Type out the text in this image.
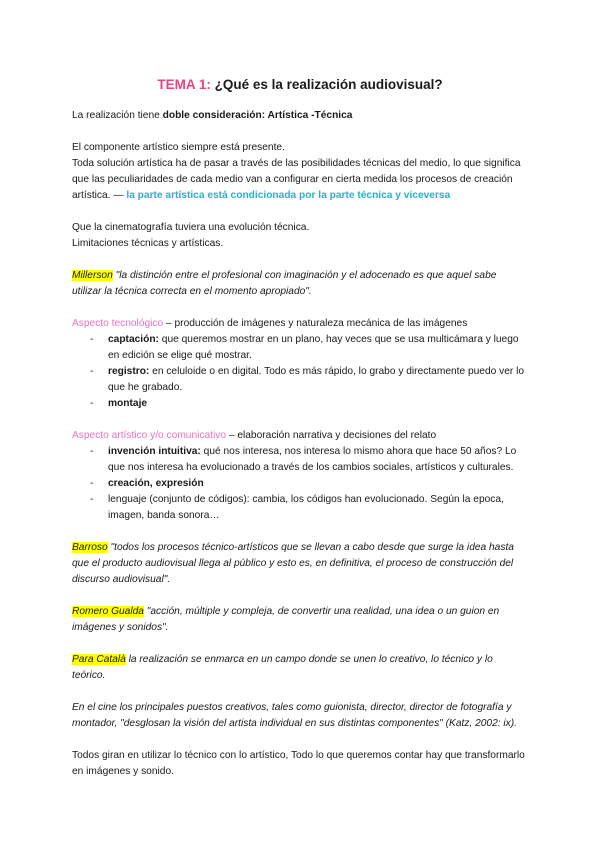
TEMA 1: ¿Qué es la realización audiovisual?

La realización tiene doble consideración: Artística -Técnica

El componente artístico siempre está presente.

Toda solución artística ha de pasar a través de las posibilidades técnicas del medio, lo que significa que las peculiaridades de cada medio van a configurar en cierta medida los procesos de creación artística. — la parte artística está condicionada por la parte técnica y viceversa

Que la cinematografía tuviera una evolución técnica.

Limitaciones técnicas y artísticas.

Millerson "la distinción entre el profesional con imaginación y el adocenado es que aquel sabe utilizar la técnica correcta en el momento apropiado".

Aspecto tecnológico – producción de imágenes y naturaleza mecánica de las imágenes

- captación: que queremos mostrar en un plano, hay veces que se usa multicámara y luego en edición se elige qué mostrar.
- registro: en celuloide o en digital. Todo es más rápido, lo grabo y directamente puedo ver lo que he grabado.
- montaje

Aspecto artístico y/o comunicativo – elaboración narrativa y decisiones del relato

- invención intuitiva: qué nos interesa, nos interesa lo mismo ahora que hace 50 años? Lo que nos interesa ha evolucionado a través de los cambios sociales, artísticos y culturales.
- creación, expresión
- lenguaje (conjunto de códigos): cambia, los códigos han evolucionado. Según la epoca, imagen, banda sonora…

Barroso "todos los procesos técnico-artísticos que se llevan a cabo desde que surge la idea hasta que el producto audiovisual llega al público y esto es, en definitiva, el proceso de construcción del discurso audiovisual".

Romero Gualda "acción, múltiple y compleja, de convertir una realidad, una idea o un guion en imágenes y sonidos".

Para Català la realización se enmarca en un campo donde se unen lo creativo, lo técnico y lo teórico.

En el cine los principales puestos creativos, tales como guionista, director, director de fotografía y montador, "desglosan la visión del artista individual en sus distintas componentes" (Katz, 2002: ix).

Todos giran en utilizar lo técnico con lo artístico, Todo lo que queremos contar hay que transformarlo en imágenes y sonido.
